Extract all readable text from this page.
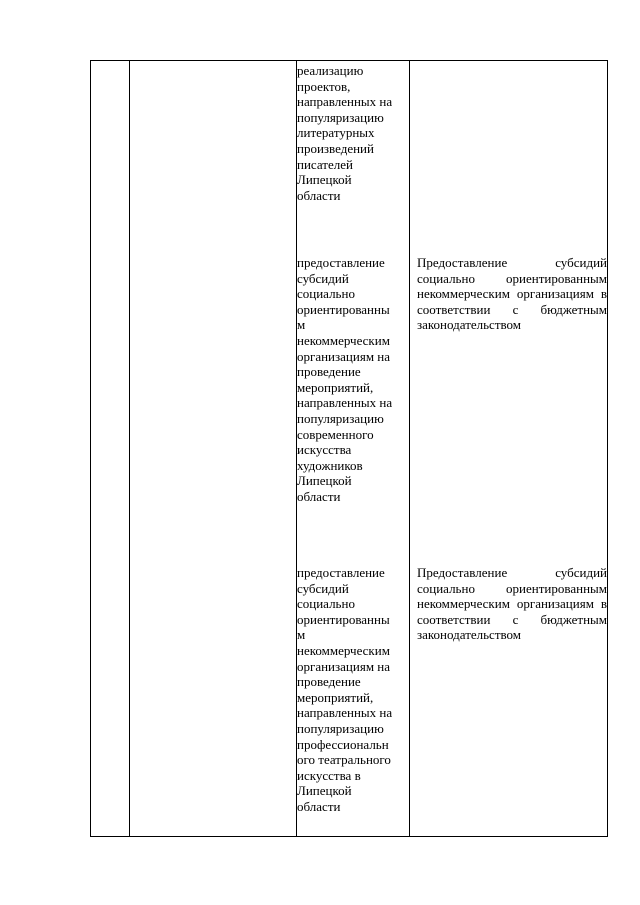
реализацию
проектов,
направленных на
популяризацию
литературных
произведений
писателей
Липецкой
области
предоставление
субсидий
социально
ориентированны
м
некоммерческим
организациям на
проведение
мероприятий,
направленных на
популяризацию
современного
искусства
художников
Липецкой
области
Предоставление субсидий социально ориентированным некоммерческим организациям в соответствии с бюджетным законодательством
предоставление
субсидий
социально
ориентированны
м
некоммерческим
организациям на
проведение
мероприятий,
направленных на
популяризацию
профессиональн
ого театрального
искусства в
Липецкой
области
Предоставление субсидий социально ориентированным некоммерческим организациям в соответствии с бюджетным законодательством
